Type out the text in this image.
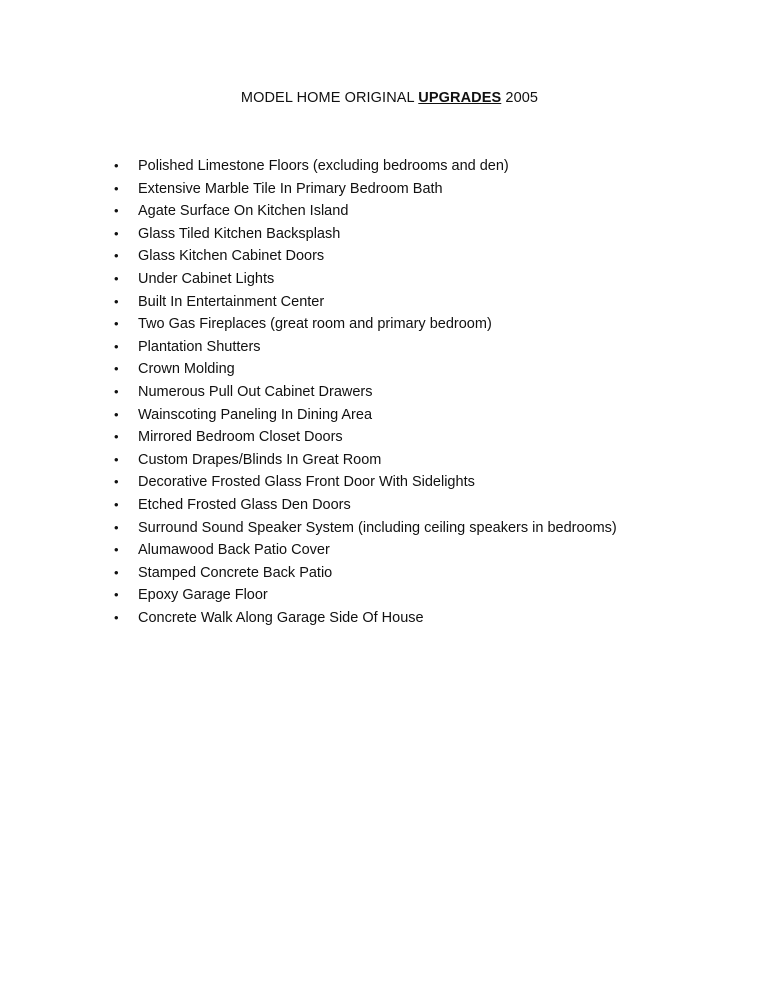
MODEL HOME ORIGINAL UPGRADES 2005
• Polished Limestone Floors (excluding bedrooms and den)
• Extensive Marble Tile In Primary Bedroom Bath
• Agate Surface On Kitchen Island
• Glass Tiled Kitchen Backsplash
• Glass Kitchen Cabinet Doors
• Under Cabinet Lights
• Built In Entertainment Center
• Two Gas Fireplaces (great room and primary bedroom)
• Plantation Shutters
• Crown Molding
• Numerous Pull Out Cabinet Drawers
• Wainscoting Paneling In Dining Area
• Mirrored Bedroom Closet Doors
• Custom Drapes/Blinds In Great Room
• Decorative Frosted Glass Front Door With Sidelights
• Etched Frosted Glass Den Doors
• Surround Sound Speaker System (including ceiling speakers in bedrooms)
• Alumawood Back Patio Cover
• Stamped Concrete Back Patio
• Epoxy Garage Floor
• Concrete Walk Along Garage Side Of House
